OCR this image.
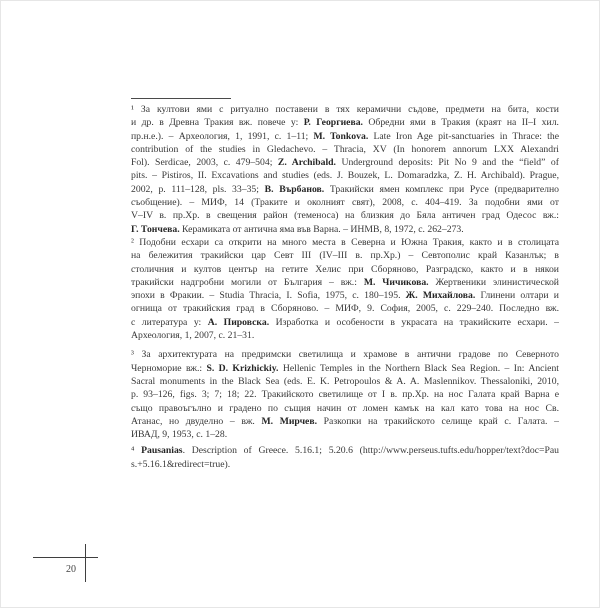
¹ За култови ями с ритуално поставени в тях керамични съдове, предмети на бита, кости
и др. в Древна Тракия вж. повече у: Р. Георгиева. Обредни ями в Тракия (краят на II–I хил.
пр.н.е.). – Археология, 1, 1991, с. 1–11; M. Tonkova. Late Iron Age pit-sanctuaries in Thrace: the
contribution of the studies in Gledachevo. – Thracia, XV (In honorem annorum LXX Alexandri
Fol). Serdicae, 2003, с. 479–504; Z. Archibald. Underground deposits: Pit No 9 and the “field” of
pits. – Pistiros, II. Excavations and studies (eds. J. Bouzek, L. Domaradzka, Z. H. Archibald). Prague,
2002, p. 111–128, pls. 33–35; В. Върбанов. Тракийски ямен комплекс при Русе (предварително
съобщение). – МИФ, 14 (Траките и околният свят), 2008, с. 404–419. За подобни ями от
V–IV в. пр.Хр. в свещения район (теменоса) на близкия до Бяла античен град Одесос вж.:
Г. Тончева. Керамиката от антична яма във Варна. – ИНМВ, 8, 1972, с. 262–273.
² Подобни есхари са открити на много места в Северна и Южна Тракия, както и в столицата
на бележития тракийски цар Севт III (IV–III в. пр.Хр.) – Севтополис край Казанлък; в
столичния и култов център на гетите Хелис при Сборяново, Разградско, както и в някои
тракийски надгробни могили от България – вж.: М. Чичикова. Жертвеники элинистической
эпохи в Фракии. – Studia Thracia, I. Sofia, 1975, с. 180–195. Ж. Михайлова. Глинени олтари и
огнища от тракийския град в Сборяново. – МИФ, 9. София, 2005, с. 229–240. Последно вж.
с литература у: А. Пировска. Изработка и особености в украсата на тракийските есхари. –
Археология, 1, 2007, с. 21–31.
³ За архитектурата на предримски светилища и храмове в антични градове по Северното
Черноморие вж.: S. D. Krizhickiy. Hellenic Temples in the Northern Black Sea Region. – In: Ancient
Sacral monuments in the Black Sea (eds. E. K. Petropoulos & A. A. Maslennikov. Thessaloniki, 2010,
p. 93–126, figs. 3; 7; 18; 22. Тракийското светилище от I в. пр.Хр. на нос Галата край Варна е
също правоъгълно и градено по същия начин от ломен камък на кал като това на нос Св.
Атанас, но двуделно – вж. М. Мирчев. Разкопки на тракийското селище край с. Галата. –
ИВАД, 9, 1953, с. 1–28.
⁴ Pausanias. Description of Greece. 5.16.1; 5.20.6 (http://www.perseus.tufts.edu/hopper/text?doc=Pau
s.+5.16.1&redirect=true).
20
